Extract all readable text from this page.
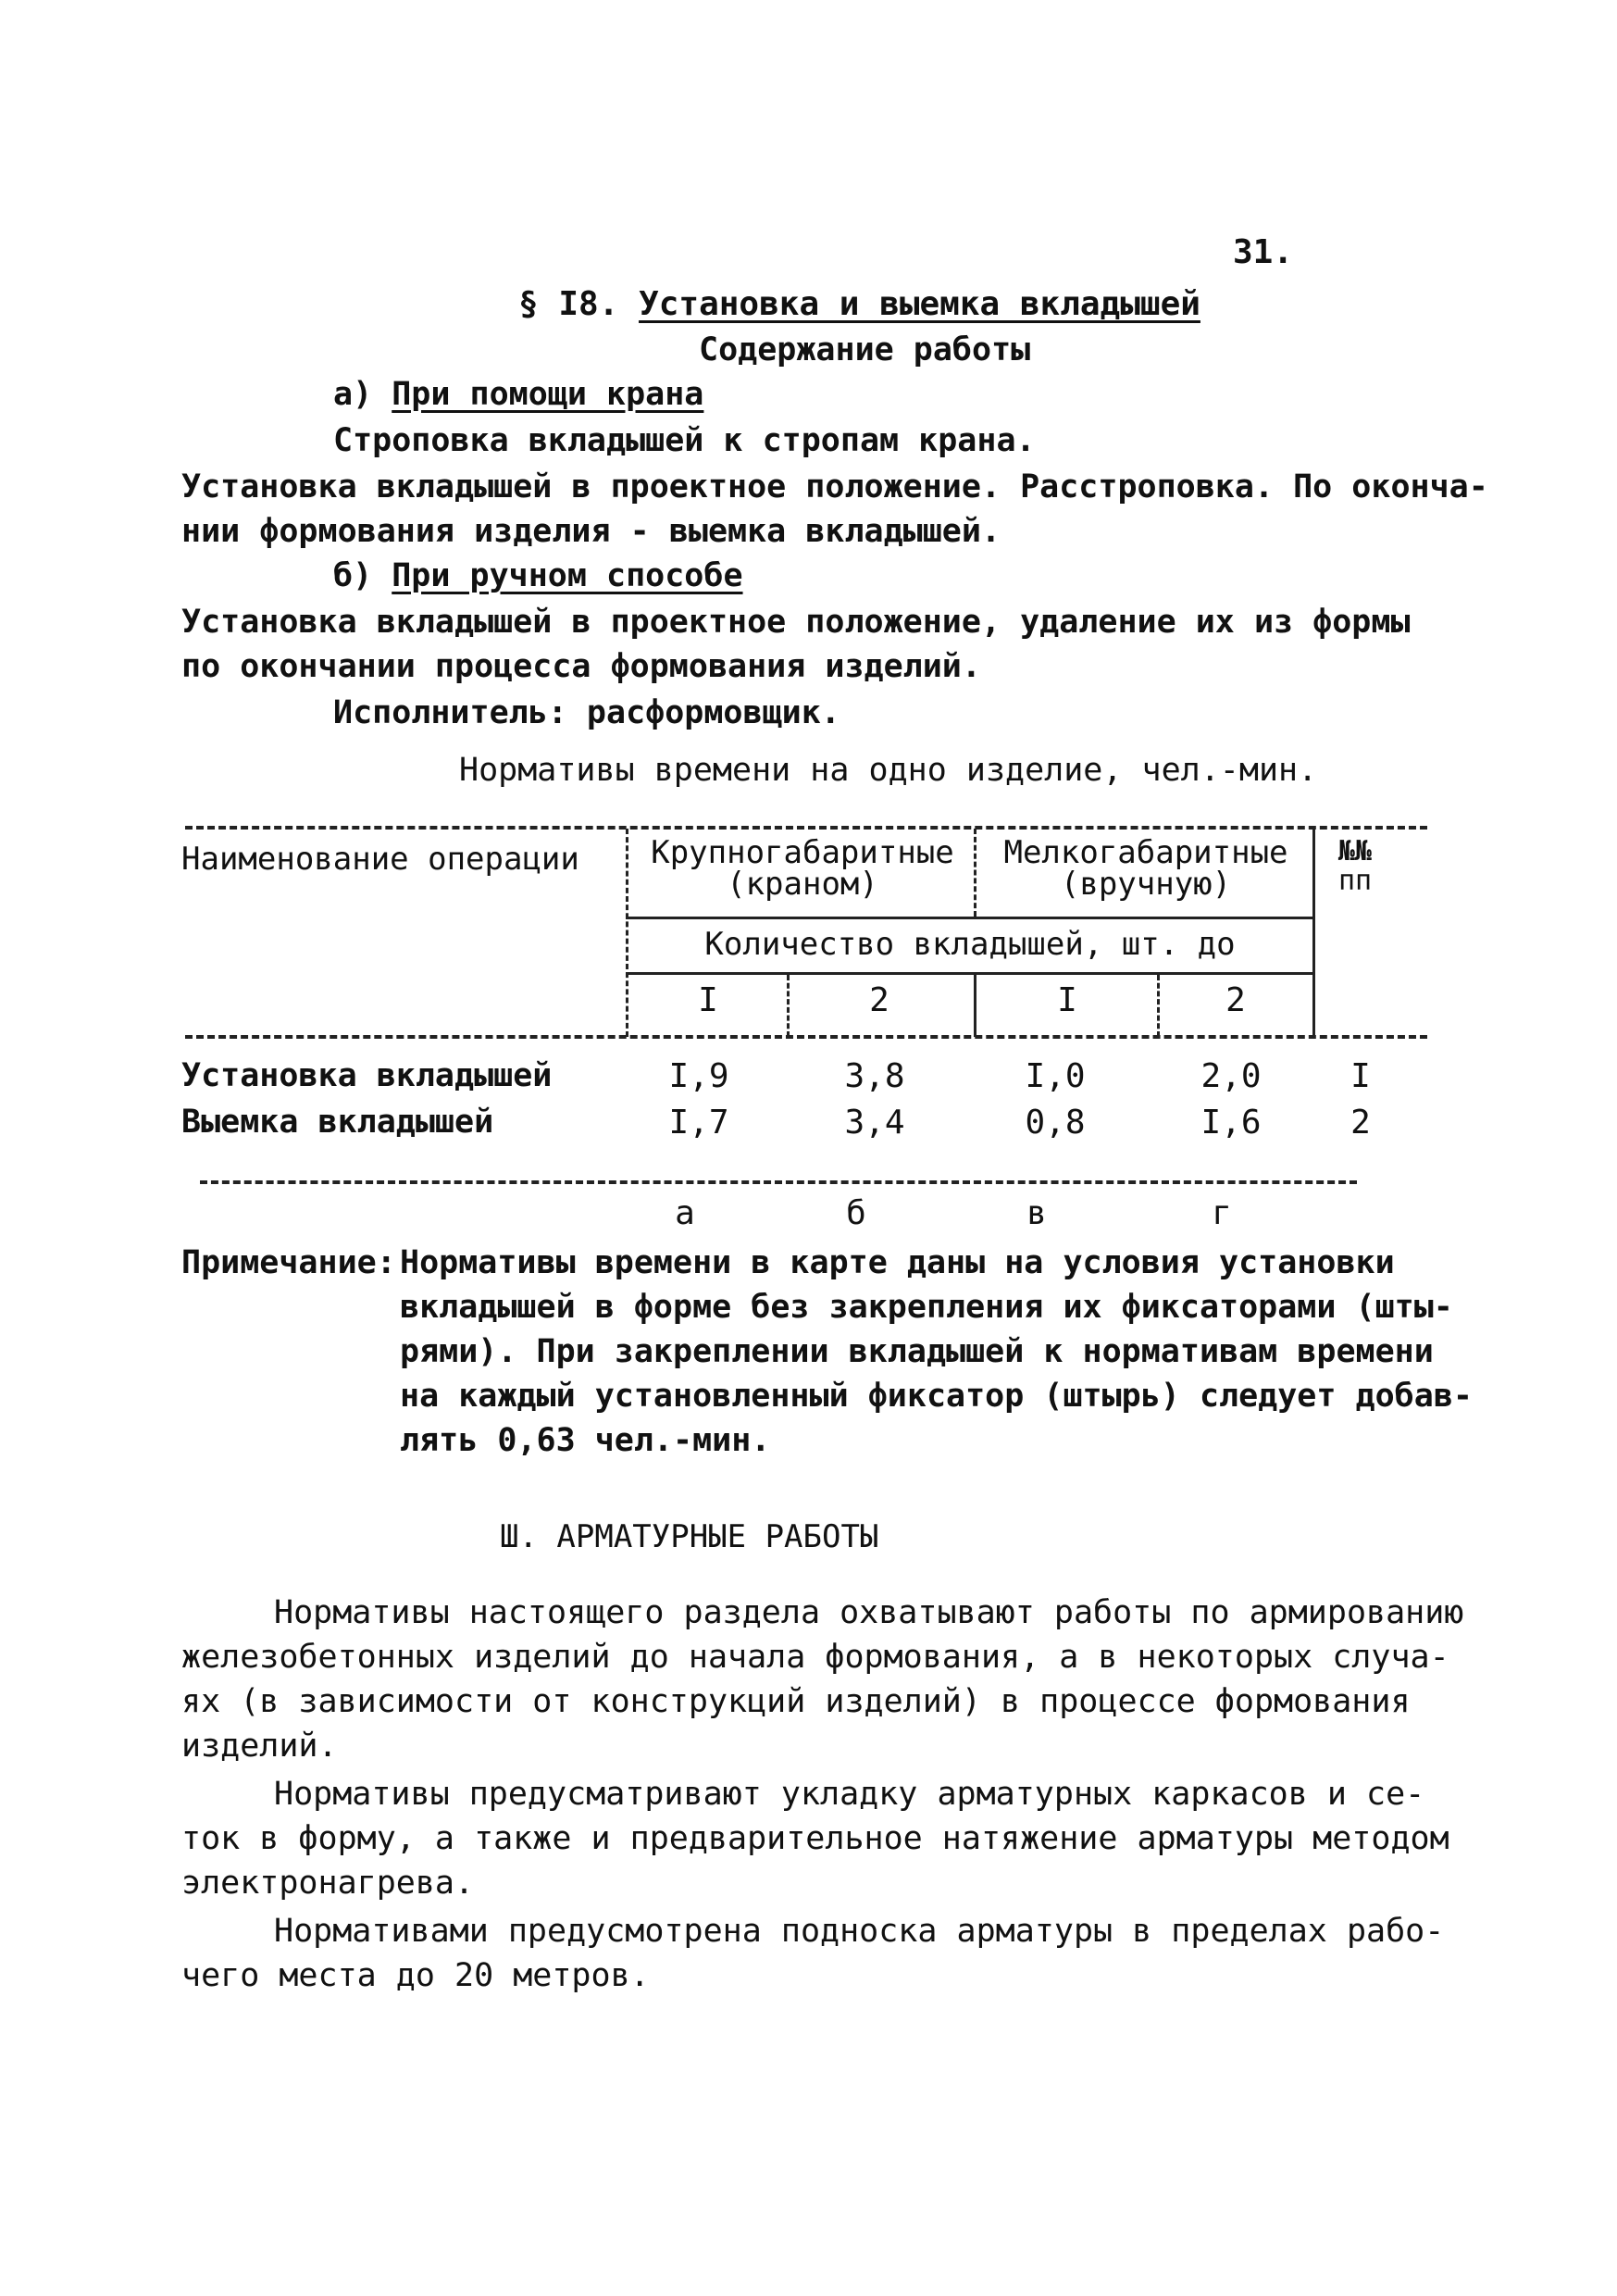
31.
§ I8. Установка и выемка вкладышей
Содержание работы
а) При помощи крана
Строповка вкладышей к стропам крана.
Установка вкладышей в проектное положение. Расстроповка. По оконча-
нии формования изделия - выемка вкладышей.
б) При ручном способе
Установка вкладышей в проектное положение, удаление их из формы
по окончании процесса формования изделий.
Исполнитель: расформовщик.
Нормативы времени на одно изделие, чел.-мин.
Наименование операции	Крупногабаритные
(краном)
Мелкогабаритные
(вручную)
№№
пп
Количество вкладышей, шт. до
I	2	I	2
Установка вкладышей	I,9	3,8	I,0	2,0	I
Выемка вкладышей	I,7	3,4	0,8	I,6	2
а	б	в	г
Примечание: Нормативы времени в карте даны на условия установки
вкладышей в форме без закрепления их фиксаторами (шты-
рями). При закреплении вкладышей к нормативам времени
на каждый установленный фиксатор (штырь) следует добав-
лять 0,63 чел.-мин.
Ш. АРМАТУРНЫЕ РАБОТЫ
Нормативы настоящего раздела охватывают работы по армированию
железобетонных изделий до начала формования, а в некоторых случа-
ях (в зависимости от конструкций изделий) в процессе формования
изделий.
Нормативы предусматривают укладку арматурных каркасов и се-
ток в форму, а также и предварительное натяжение арматуры методом
электронагрева.
Нормативами предусмотрена подноска арматуры в пределах рабо-
чего места до 20 метров.
